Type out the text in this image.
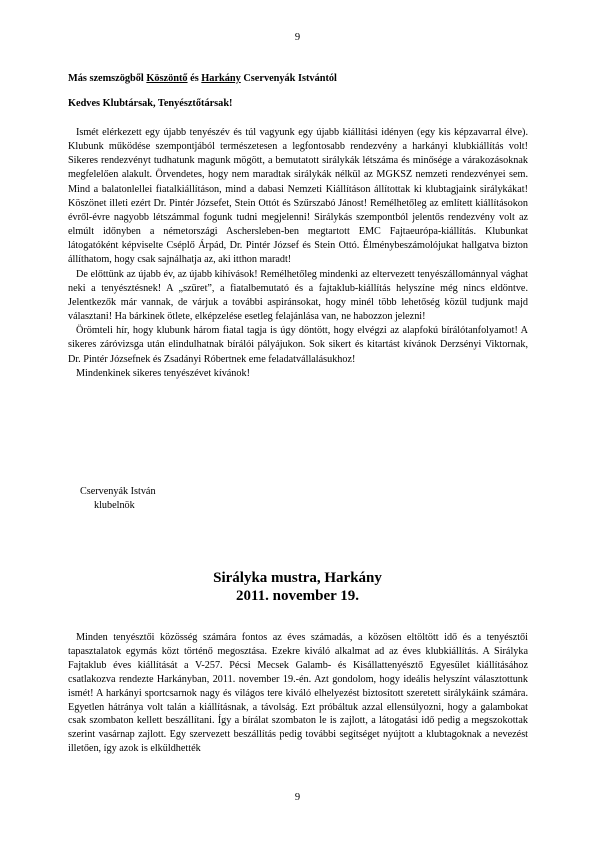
9
Más szemszögből Köszöntő és Harkány Cservenyák Istvántól
Kedves Klubtársak, Tenyésztőtársak!

Ismét elérkezett egy újabb tenyészév és túl vagyunk egy újabb kiállítási idényen (egy kis képzavarral élve). Klubunk működése szempontjából természetesen a legfontosabb rendezvény a harkányi klubkiállítás volt! Sikeres rendezvényt tudhatunk magunk mögött, a bemutatott sirálykák létszáma és minősége a várakozásoknak megfelelően alakult. Örvendetes, hogy nem maradtak sirálykák nélkül az MGKSZ nemzeti rendezvényei sem. Mind a balatonlellei fiatalkiállításon, mind a dabasi Nemzeti Kiállításon állítottak ki klubtagjaink sirálykákat! Köszönet illeti ezért Dr. Pintér Józsefet, Stein Ottót és Szűrszabó Jánost! Remélhetőleg az említett kiállításokon évről-évre nagyobb létszámmal fogunk tudni megjelenni! Sirálykás szempontból jelentős rendezvény volt az elmúlt időnyben a németországi Aschersleben-ben megtartott EMC Fajtaeurópa-kiállítás. Klubunkat látogatóként képviselte Cséplő Árpád, Dr. Pintér József és Stein Ottó. Élménybeszámolójukat hallgatva bizton állíthatom, hogy csak sajnálhatja az, aki itthon maradt!

De előttünk az újabb év, az újabb kihívások! Remélhetőleg mindenki az eltervezett tenyészállománnyal vághat neki a tenyésztésnek! A „szüret”, a fiatalbemutató és a fajtaklub-kiállítás helyszíne még nincs eldöntve. Jelentkezők már vannak, de várjuk a további aspiránsokat, hogy minél több lehetőség közül tudjunk majd választani! Ha bárkinek ötlete, elképzelése esetleg felajánlása van, ne habozzon jelezni!

Örömteli hír, hogy klubunk három fiatal tagja is úgy döntött, hogy elvégzi az alapfokú bírálótanfolyamot! A sikeres záróvizsga után elindulhatnak bírálói pályájukon. Sok sikert és kitartást kívánok Derzsényi Viktornak, Dr. Pintér Józsefnek és Zsadányi Róbertnek eme feladatvállalásukhoz!

Mindenkinek sikeres tenyészévet kívánok!

Cservenyák István
klubelnök
Sirályka mustra, Harkány
2011. november 19.

Minden tenyésztői közösség számára fontos az éves számadás, a közösen eltöltött idő és a tenyésztői tapasztalatok egymás közt történő megosztása. Ezekre kiváló alkalmat ad az éves klubkiállítás. A Sirályka Fajtaklub éves kiállítását a V-257. Pécsi Mecsek Galamb- és Kisállattenyésztő Egyesület kiállításához csatlakozva rendezte Harkányban, 2011. november 19.-én. Azt gondolom, hogy ideális helyszínt választottunk ismét! A harkányi sportcsarnok nagy és világos tere kiváló elhelyezést biztosított szeretett sirálykáink számára. Egyetlen hátránya volt talán a kiállításnak, a távolság. Ezt próbáltuk azzal ellensúlyozni, hogy a galambokat csak szombaton kellett beszállítani. Így a bírálat szombaton le is zajlott, a látogatási idő pedig a megszokottak szerint vasárnap zajlott. Egy szervezett beszállítás pedig további segítséget nyújtott a klubtagoknak a nevezést illetően, így azok is elküldhették

9
